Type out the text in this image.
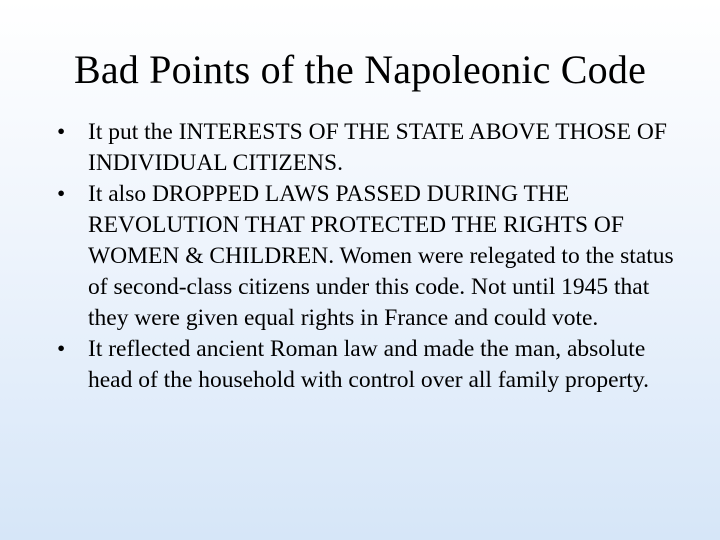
Bad Points of the Napoleonic Code
• It put the INTERESTS OF THE STATE ABOVE THOSE OF INDIVIDUAL CITIZENS.
• It also DROPPED LAWS PASSED DURING THE REVOLUTION THAT PROTECTED THE RIGHTS OF WOMEN & CHILDREN. Women were relegated to the status of second-class citizens under this code. Not until 1945 that they were given equal rights in France and could vote.
• It reflected ancient Roman law and made the man, absolute head of the household with control over all family property.
